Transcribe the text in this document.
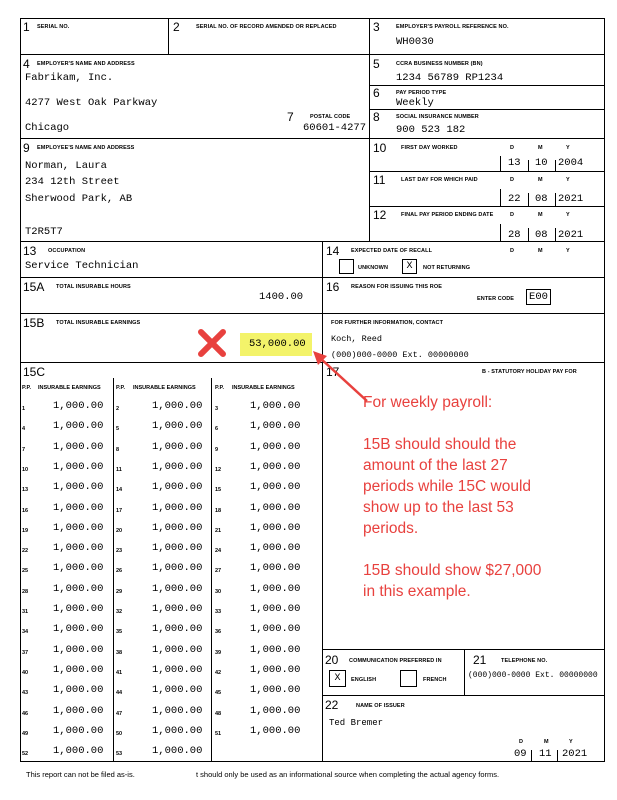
1 SERIAL NO.	2	SERIAL NO. OF RECORD AMENDED OR REPLACED	3	EMPLOYER'S PAYROLL REFERENCE NO.
WH0030
4 EMPLOYER'S NAME AND ADDRESS
Fabrikam, Inc.
4277 West Oak Parkway
Chicago
7	POSTAL CODE
60601-4277
5	CCRA BUSINESS NUMBER (BN)
1234 56789 RP1234
6	PAY PERIOD TYPE
Weekly
8	SOCIAL INSURANCE NUMBER
900 523 182
9 EMPLOYEE'S NAME AND ADDRESS
Norman, Laura
234 12th Street
Sherwood Park, AB
T2R5T7
10	FIRST DAY WORKED	D	M	Y
13 10 2004
11	LAST DAY FOR WHICH PAID	D	M	Y
22 08 2021
12	FINAL PAY PERIOD ENDING DATE	D	M	Y
28 08 2021
13 OCCUPATION
Service Technician
14 EXPECTED DATE OF RECALL	D	M	Y
UNKNOWN	X	NOT RETURNING
15A TOTAL INSURABLE HOURS
1400.00
16 REASON FOR ISSUING THIS ROE
ENTER CODE E00
15B TOTAL INSURABLE EARNINGS
53,000.00
FOR FURTHER INFORMATION, CONTACT
Koch, Reed
(000)000-0000 Ext. 00000000
15C
P.P. INSURABLE EARNINGS	P.P. INSURABLE EARNINGS	P.P. INSURABLE EARNINGS
1	1,000.00 2	1,000.00 3	1,000.00
4	1,000.00 5	1,000.00 6	1,000.00
7	1,000.00 8	1,000.00 9	1,000.00
10 1,000.00 11	1,000.00 12	1,000.00
13 1,000.00 14	1,000.00 15	1,000.00
16 1,000.00 17	1,000.00 18	1,000.00
19 1,000.00 20	1,000.00 21	1,000.00
22 1,000.00 23	1,000.00 24	1,000.00
25 1,000.00 26	1,000.00 27	1,000.00
28 1,000.00 29	1,000.00 30	1,000.00
31 1,000.00 32	1,000.00 33	1,000.00
34 1,000.00 35	1,000.00 36	1,000.00
37 1,000.00 38	1,000.00 39	1,000.00
40 1,000.00 41	1,000.00 42	1,000.00
43 1,000.00 44	1,000.00 45	1,000.00
46 1,000.00 47	1,000.00 48	1,000.00
49 1,000.00 50	1,000.00 51	1,000.00
52 1,000.00 53	1,000.00
17	B - STATUTORY HOLIDAY PAY FOR
For weekly payroll:
15B should should the
amount of the last 27
periods while 15C would
show up to the last 53
periods.
15B should show $27,000
in this example.
20 COMMUNICATION PREFERRED IN
X	ENGLISH	FRENCH
21	TELEPHONE NO.
(000)000-0000 Ext. 00000000
22	NAME OF ISSUER
Ted Bremer
D	M	Y
09 11 2021
This report can not be filed as-is.	t should only be used as an informational source when completing the actual agency forms.
